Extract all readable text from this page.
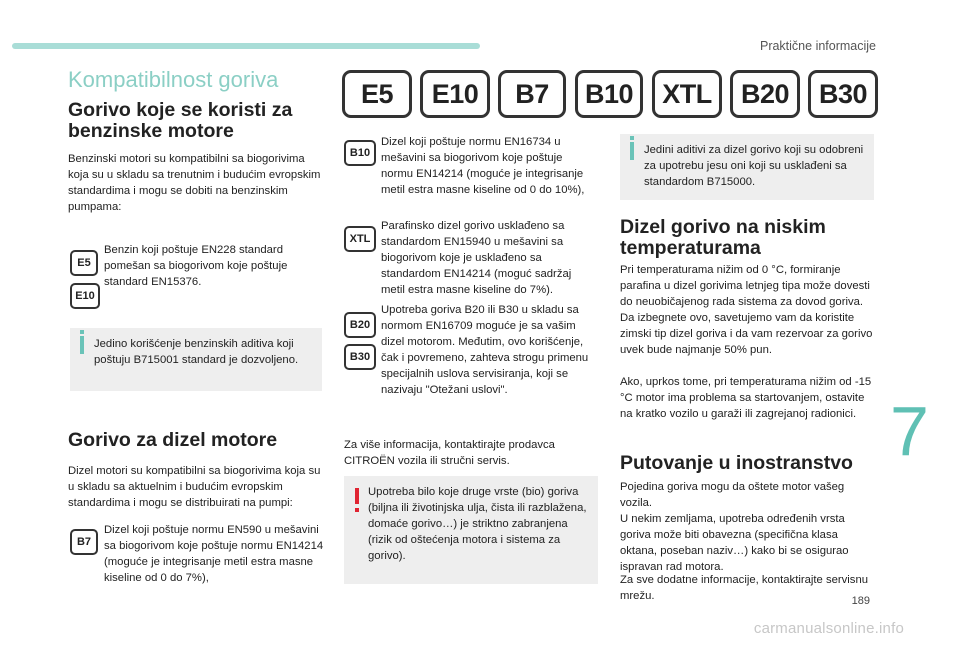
Praktične informacije
7
Kompatibilnost goriva	E5	E10	B7	B10	XTL	B20	B30
Gorivo koje se koristi za benzinske motore

Benzinski motori su kompatibilni sa biogorivima koja su u skladu sa trenutnim i budućim evropskim standardima i mogu se dobiti na benzinskim pumpama:

E5
E10

Benzin koji poštuje EN228 standard pomešan sa biogorivom koje poštuje standard EN15376.

Jedino korišćenje benzinskih aditiva koji poštuju B715001 standard je dozvoljeno.
Gorivo za dizel motore

Dizel motori su kompatibilni sa biogorivima koja su u skladu sa aktuelnim i budućim evropskim standardima i mogu se distribuirati na pumpi:

B7

Dizel koji poštuje normu EN590 u mešavini sa biogorivom koje poštuje normu EN14214 (moguće je integrisanje metil estra masne kiseline od 0 do 7%),

B10

Dizel koji poštuje normu EN16734 u mešavini sa biogorivom koje poštuje normu EN14214 (moguće je integrisanje metil estra masne kiseline od 0 do 10%),

XTL

Parafinsko dizel gorivo usklađeno sa standardom EN15940 u mešavini sa biogorivom koje je usklađeno sa standardom EN14214 (moguć sadržaj metil estra masne kiseline do 7%).

B20
B30

Upotreba goriva B20 ili B30 u skladu sa normom EN16709 moguće je sa vašim dizel motorom. Međutim, ovo korišćenje, čak i povremeno, zahteva strogu primenu specijalnih uslova servisiranja, koji se nazivaju "Otežani uslovi".

Za više informacija, kontaktirajte prodavca CITROËN vozila ili stručni servis.

Upotreba bilo koje druge vrste (bio) goriva (biljna ili životinjska ulja, čista ili razblažena, domaće gorivo…) je striktno zabranjena (rizik od oštećenja motora i sistema za gorivo).
Jedini aditivi za dizel gorivo koji su odobreni za upotrebu jesu oni koji su usklađeni sa standardom B715000.
Dizel gorivo na niskim temperaturama

Pri temperaturama nižim od 0 °C, formiranje parafina u dizel gorivima letnjeg tipa može dovesti do neuobičajenog rada sistema za dovod goriva. Da izbegnete ovo, savetujemo vam da koristite zimski tip dizel goriva i da vam rezervoar za gorivo uvek bude najmanje 50% pun.

Ako, uprkos tome, pri temperaturama nižim od -15 °C motor ima problema sa startovanjem, ostavite na kratko vozilo u garaži ili zagrejanoj radionici.

Putovanje u inostranstvo

Pojedina goriva mogu da oštete motor vašeg vozila.

U nekim zemljama, upotreba određenih vrsta goriva može biti obavezna (specifična klasa oktana, poseban naziv…) kako bi se osigurao ispravan rad motora.

Za sve dodatne informacije, kontaktirajte servisnu mrežu.	189
carmanualsonline.info
